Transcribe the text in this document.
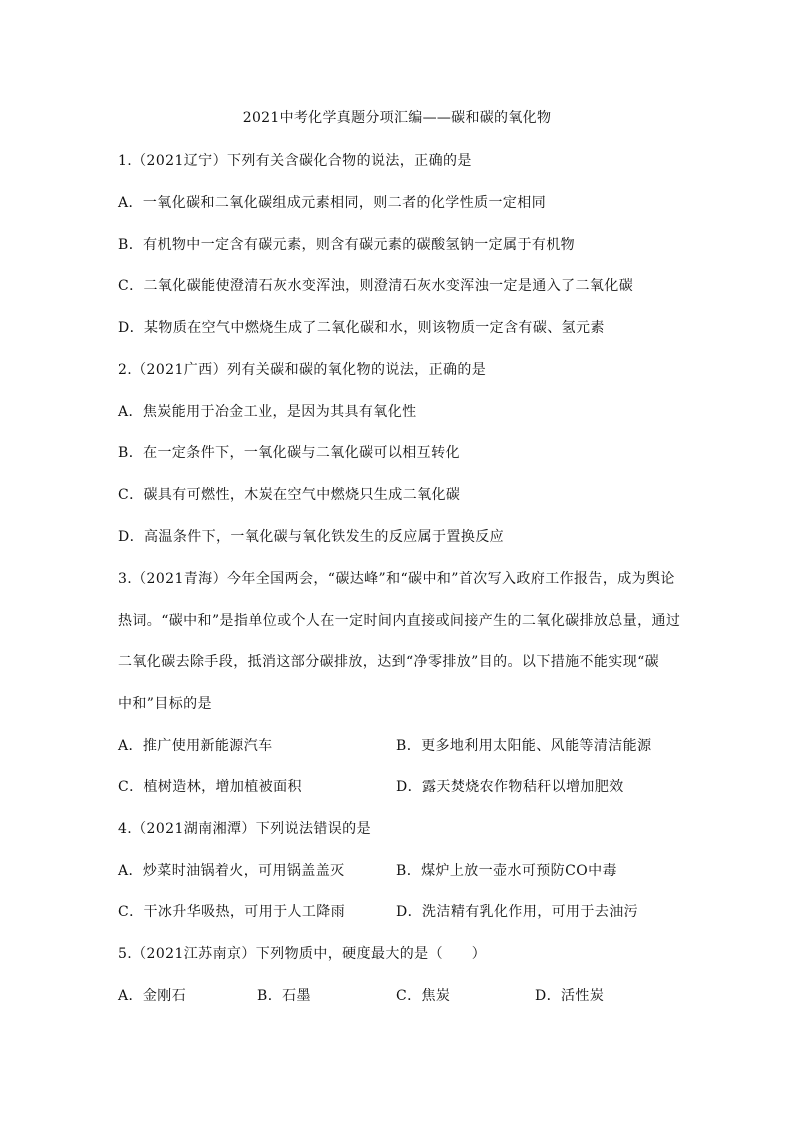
2021中考化学真题分项汇编——碳和碳的氧化物
1.（2021辽宁）下列有关含碳化合物的说法，正确的是
A．一氧化碳和二氧化碳组成元素相同，则二者的化学性质一定相同
B．有机物中一定含有碳元素，则含有碳元素的碳酸氢钠一定属于有机物
C．二氧化碳能使澄清石灰水变浑浊，则澄清石灰水变浑浊一定是通入了二氧化碳
D．某物质在空气中燃烧生成了二氧化碳和水，则该物质一定含有碳、氢元素
2.（2021广西）列有关碳和碳的氧化物的说法，正确的是
A．焦炭能用于冶金工业，是因为其具有氧化性
B．在一定条件下，一氧化碳与二氧化碳可以相互转化
C．碳具有可燃性，木炭在空气中燃烧只生成二氧化碳
D．高温条件下，一氧化碳与氧化铁发生的反应属于置换反应
3.（2021青海）今年全国两会，“碳达峰”和“碳中和”首次写入政府工作报告，成为舆论
热词。“碳中和”是指单位或个人在一定时间内直接或间接产生的二氧化碳排放总量，通过
二氧化碳去除手段，抵消这部分碳排放，达到“净零排放”目的。以下措施不能实现“碳
中和”目标的是
A．推广使用新能源汽车	B．更多地利用太阳能、风能等清洁能源
C．植树造林，增加植被面积	D．露天焚烧农作物秸秆以增加肥效
4.（2021湖南湘潭）下列说法错误的是
A．炒菜时油锅着火，可用锅盖盖灭	B．煤炉上放一壶水可预防CO中毒
C．干冰升华吸热，可用于人工降雨	D．洗洁精有乳化作用，可用于去油污
5.（2021江苏南京）下列物质中，硬度最大的是（　　）
A．金刚石	B．石墨	C．焦炭	D．活性炭
